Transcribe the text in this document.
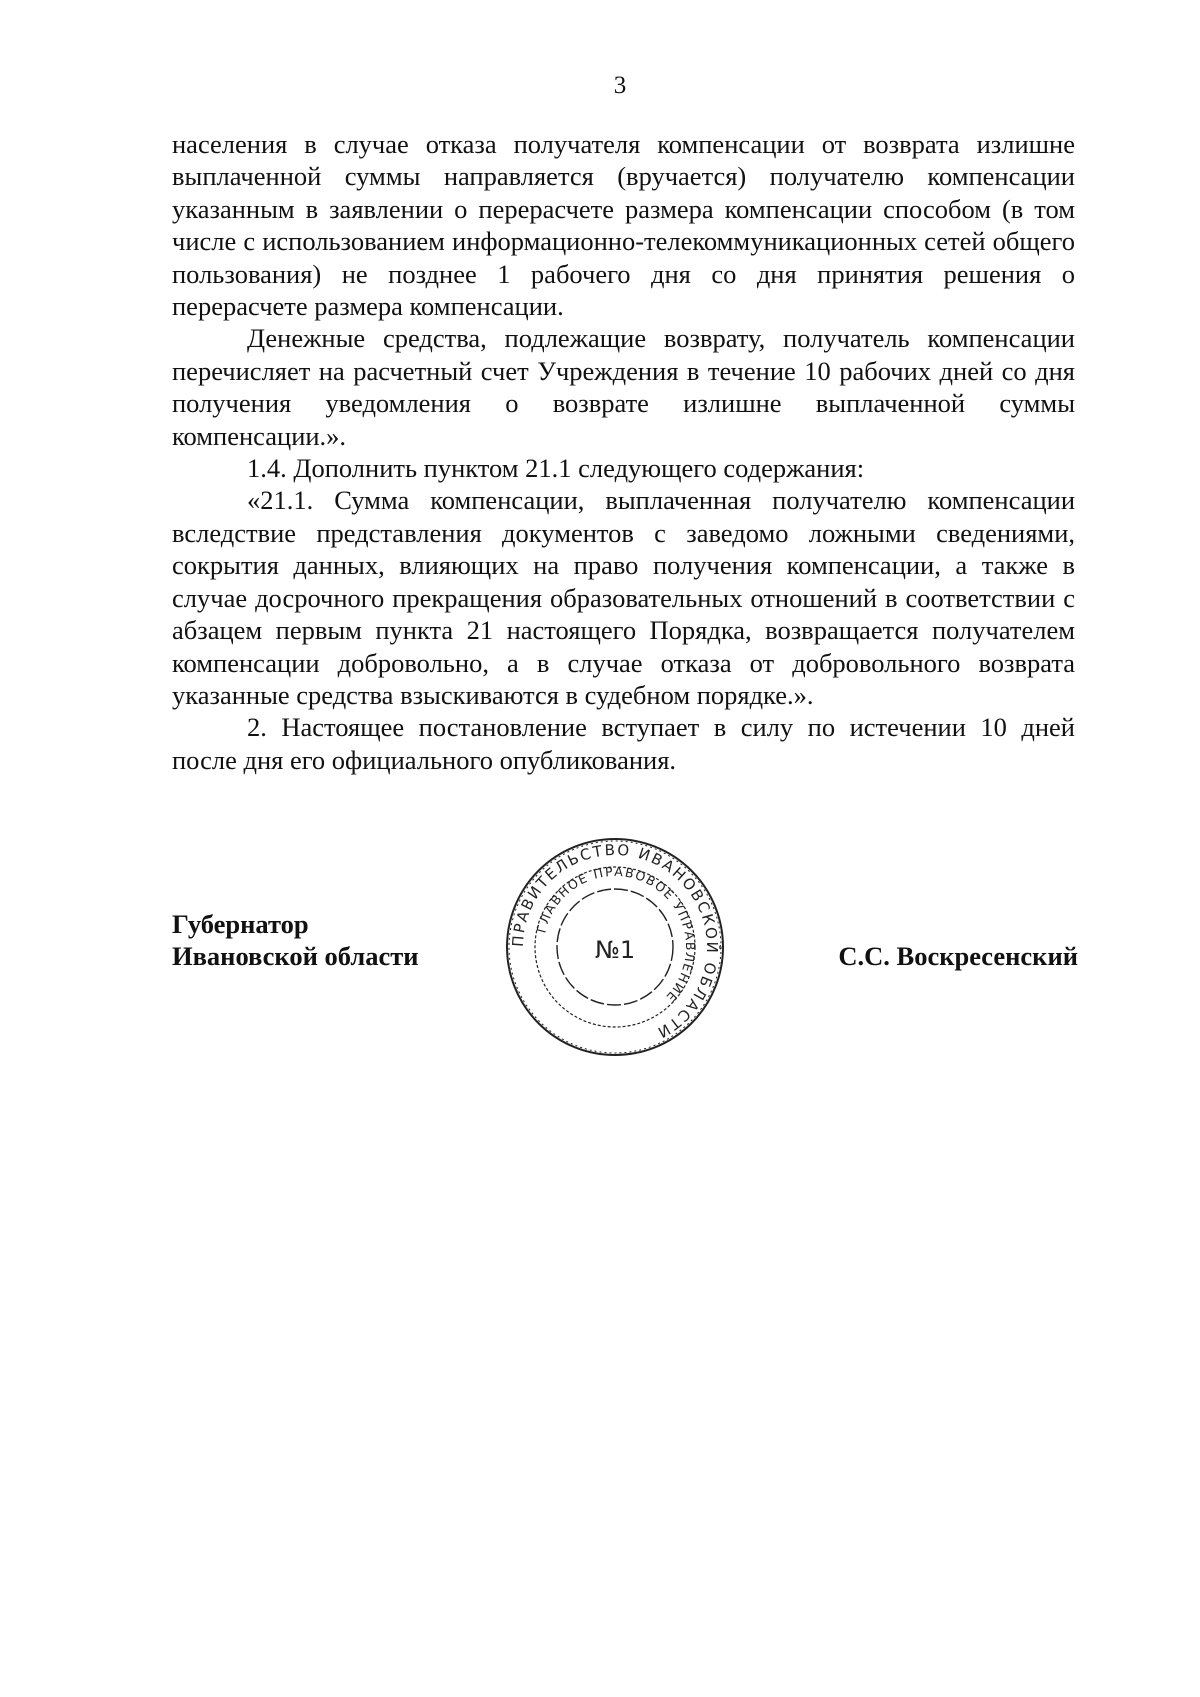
3

населения в случае отказа получателя компенсации от возврата излишне выплаченной суммы направляется (вручается) получателю компенсации указанным в заявлении о перерасчете размера компенсации способом (в том числе с использованием информационно-телекоммуникационных сетей общего пользования) не позднее 1 рабочего дня со дня принятия решения о перерасчете размера компенсации.

Денежные средства, подлежащие возврату, получатель компенсации перечисляет на расчетный счет Учреждения в течение 10 рабочих дней со дня получения уведомления о возврате излишне выплаченной суммы компенсации.».

1.4. Дополнить пунктом 21.1 следующего содержания:

«21.1. Сумма компенсации, выплаченная получателю компенсации вследствие представления документов с заведомо ложными сведениями, сокрытия данных, влияющих на право получения компенсации, а также в случае досрочного прекращения образовательных отношений в соответствии с абзацем первым пункта 21 настоящего Порядка, возвращается получателем компенсации добровольно, а в случае отказа от добровольного возврата указанные средства взыскиваются в судебном порядке.».

2. Настоящее постановление вступает в силу по истечении 10 дней после дня его официального опубликования.

Губернатор
Ивановской области
ПРАВИТЕЛЬСТВО ИВАНОВСКОЙ ОБЛАСТИ
ГЛАВНОЕ ПРАВОВОЕ УПРАВЛЕНИЕ
№1	С.С. Воскресенский
